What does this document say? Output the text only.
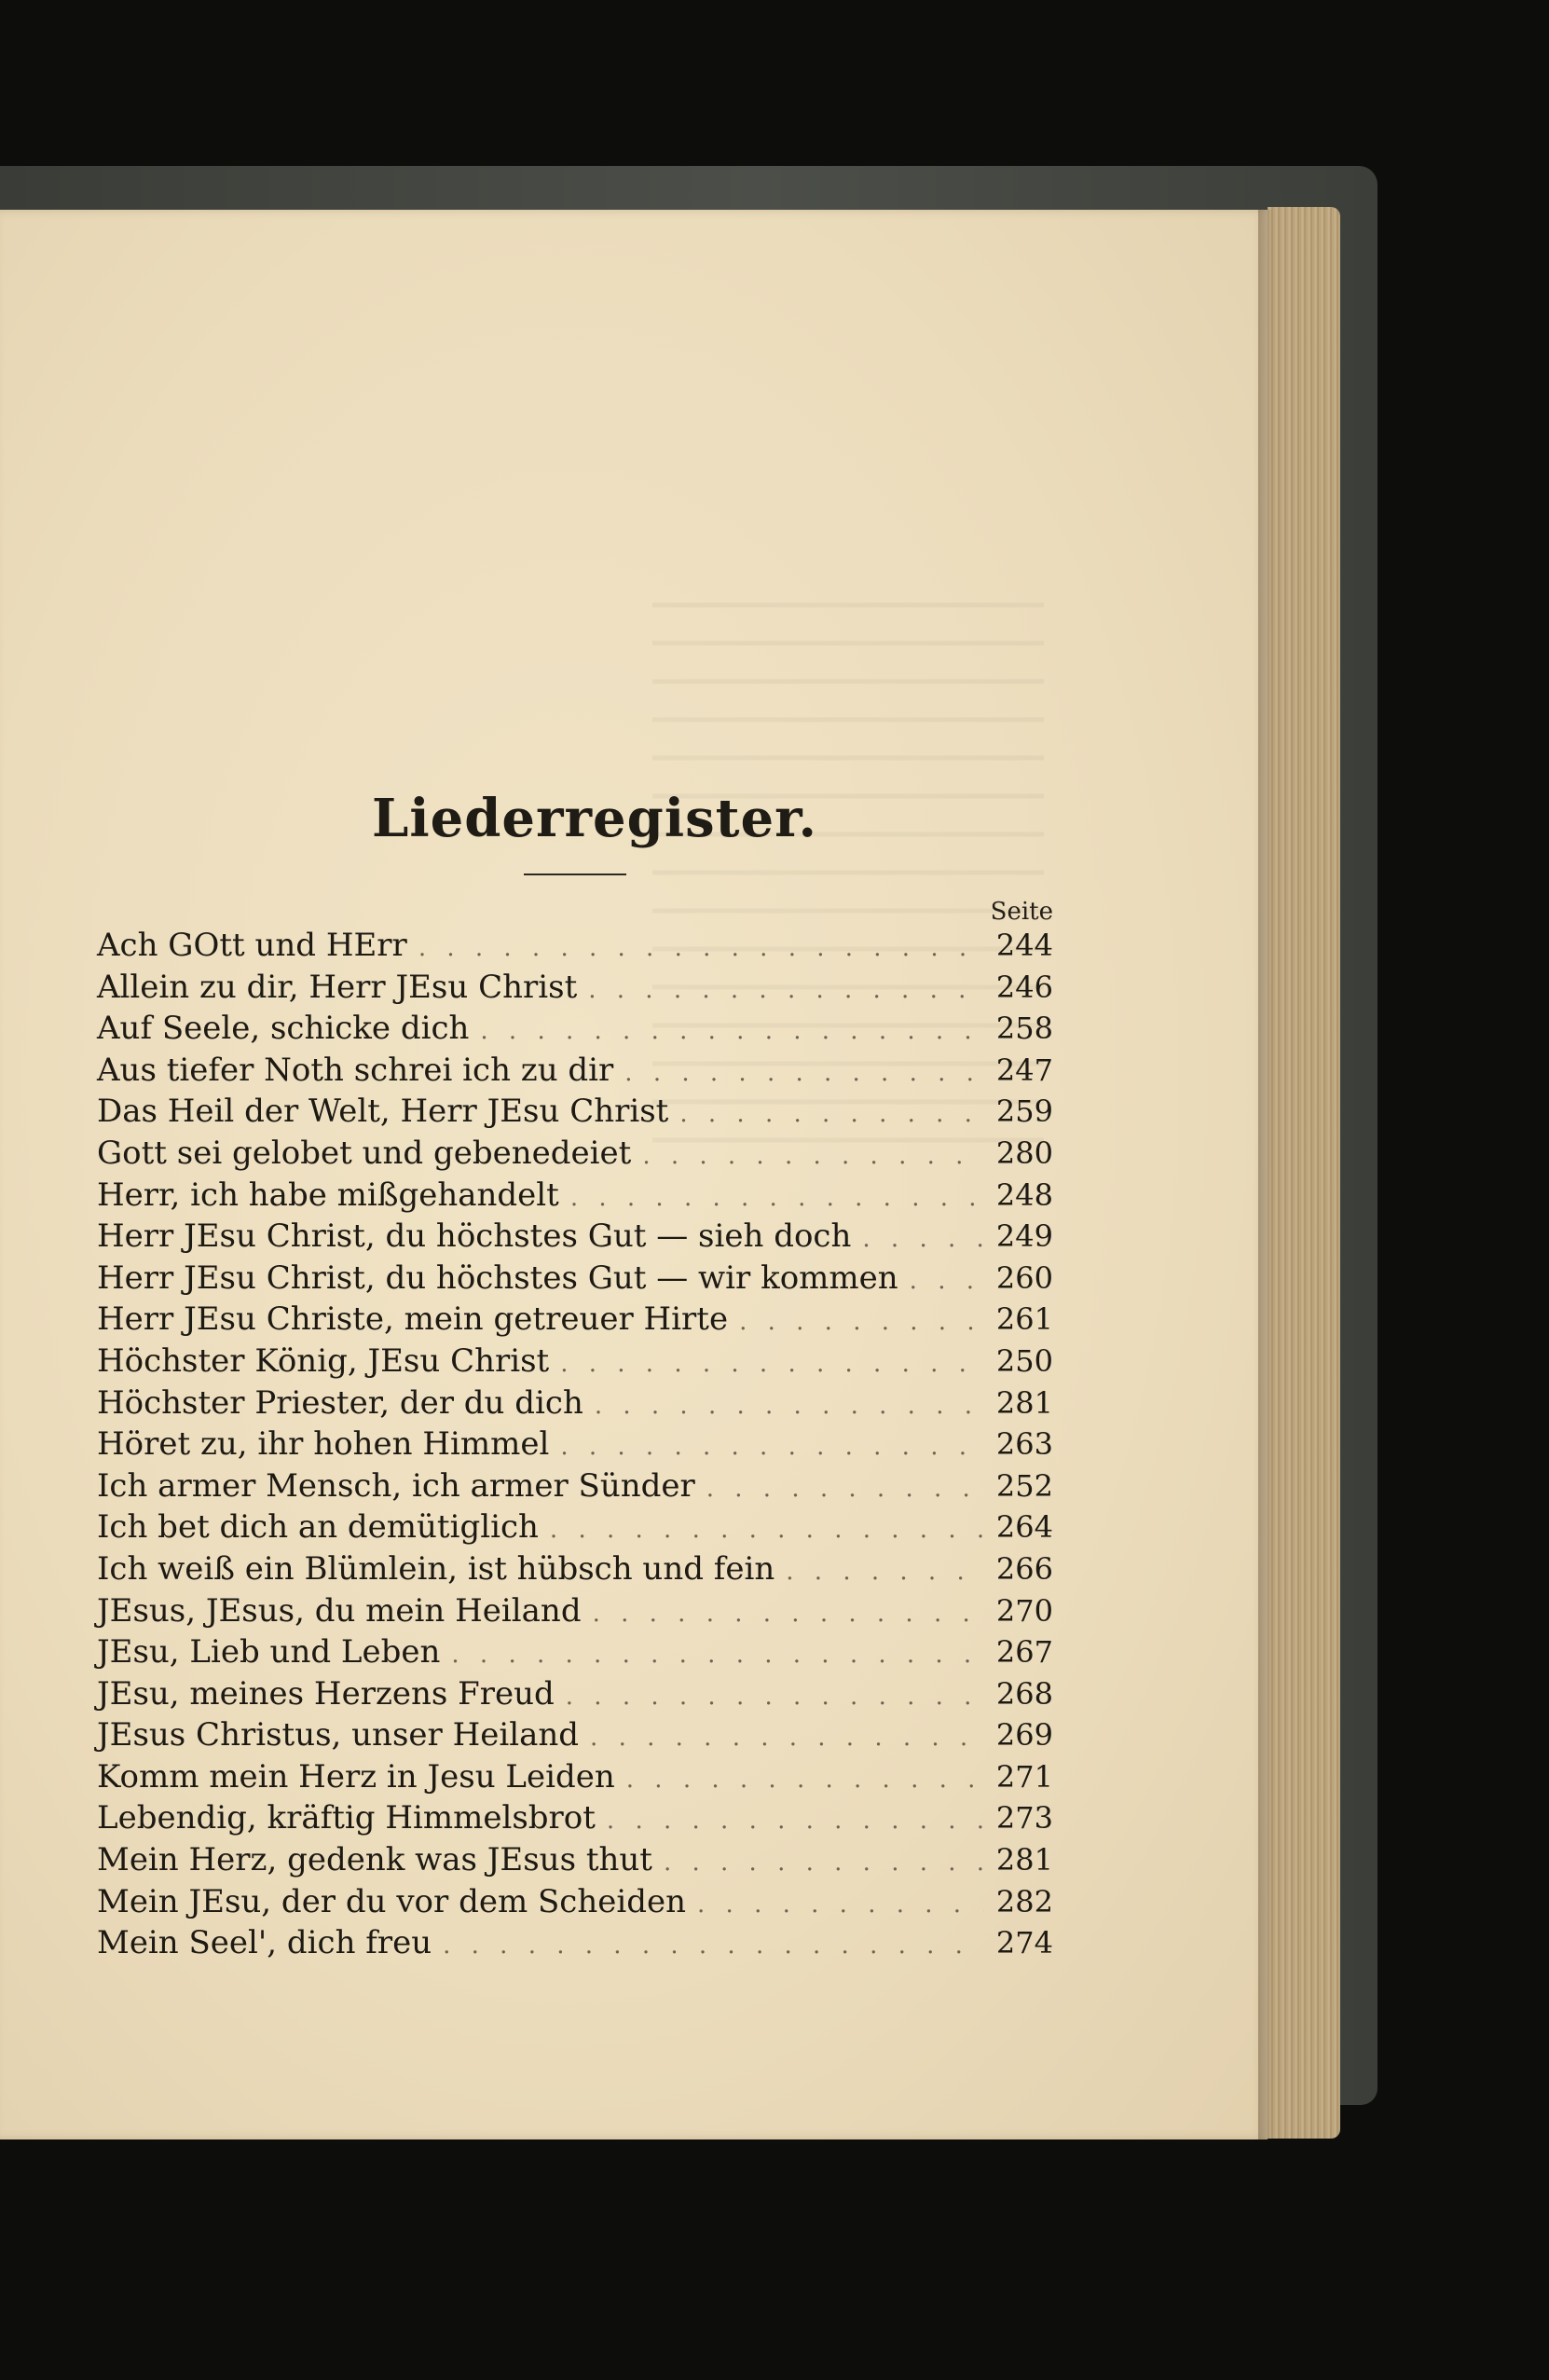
Liederregister.
Seite
Ach GOtt und HErr . . .	244
Allein zu dir, Herr JEsu Christ . . .	246
Auf Seele, schicke dich . . .	258
Aus tiefer Noth schrei ich zu dir . . .	247
Das Heil der Welt, Herr JEsu Christ . . .	259
Gott sei gelobet und gebenedeiet . . .	280
Herr, ich habe mißgehandelt . . .	248
Herr JEsu Christ, du höchstes Gut — sieh doch . . .	249
Herr JEsu Christ, du höchstes Gut — wir kommen . . .	260
Herr JEsu Christe, mein getreuer Hirte . . .	261
Höchster König, JEsu Christ . . .	250
Höchster Priester, der du dich . . .	281
Höret zu, ihr hohen Himmel . . .	263
Ich armer Mensch, ich armer Sünder . . .	252
Ich bet dich an demütiglich . . .	264
Ich weiß ein Blümlein, ist hübsch und fein . . .	266
JEsus, JEsus, du mein Heiland . . .	270
JEsu, Lieb und Leben . . .	267
JEsu, meines Herzens Freud . . .	268
JEsus Christus, unser Heiland . . .	269
Komm mein Herz in Jesu Leiden . . .	271
Lebendig, kräftig Himmelsbrot . . .	273
Mein Herz, gedenk was JEsus thut . . .	281
Mein JEsu, der du vor dem Scheiden . . .	282
Mein Seel', dich freu . . .	274
